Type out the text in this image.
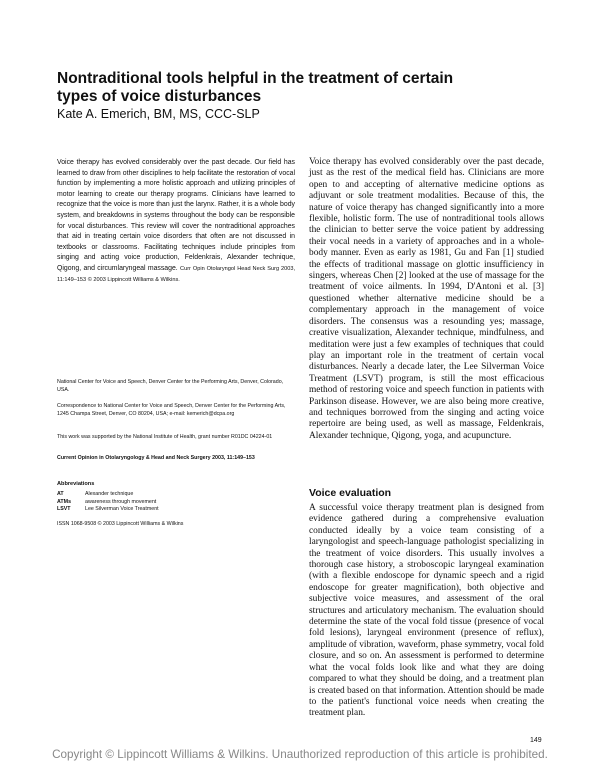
Nontraditional tools helpful in the treatment of certain types of voice disturbances
Kate A. Emerich, BM, MS, CCC-SLP
Voice therapy has evolved considerably over the past decade. Our field has learned to draw from other disciplines to help facilitate the restoration of vocal function by implementing a more holistic approach and utilizing principles of motor learning to create our therapy programs. Clinicians have learned to recognize that the voice is more than just the larynx. Rather, it is a whole body system, and breakdowns in systems throughout the body can be responsible for vocal disturbances. This review will cover the nontraditional approaches that aid in treating certain voice disorders that often are not discussed in textbooks or classrooms. Facilitating techniques include principles from singing and acting voice production, Feldenkrais, Alexander technique, Qigong, and circumlaryngeal massage. Curr Opin Otolaryngol Head Neck Surg 2003, 11:149–153 © 2003 Lippincott Williams & Wilkins.
National Center for Voice and Speech, Denver Center for the Performing Arts, Denver, Colorado, USA.
Correspondence to National Center for Voice and Speech, Denver Center for the Performing Arts, 1245 Champa Street, Denver, CO 80204, USA; e-mail: kemerich@dcpa.org
This work was supported by the National Institute of Health, grant number R01DC 04224-01
Current Opinion in Otolaryngology & Head and Neck Surgery 2003, 11:149–153
Abbreviations
AT	Alexander technique
ATMs	awareness through movement
LSVT	Lee Silverman Voice Treatment
ISSN 1068-9508 © 2003 Lippincott Williams & Wilkins

Voice therapy has evolved considerably over the past decade, just as the rest of the medical field has. Clinicians are more open to and accepting of alternative medicine options as adjuvant or sole treatment modalities. Because of this, the nature of voice therapy has changed significantly into a more flexible, holistic form. The use of nontraditional tools allows the clinician to better serve the voice patient by addressing their vocal needs in a variety of approaches and in a whole-body manner. Even as early as 1981, Gu and Fan [1] studied the effects of traditional massage on glottic insufficiency in singers, whereas Chen [2] looked at the use of massage for the treatment of voice ailments. In 1994, D'Antoni et al. [3] questioned whether alternative medicine should be a complementary approach in the management of voice disorders. The consensus was a resounding yes; massage, creative visualization, Alexander technique, mindfulness, and meditation were just a few examples of techniques that could play an important role in the treatment of certain vocal disturbances. Nearly a decade later, the Lee Silverman Voice Treatment (LSVT) program, is still the most efficacious method of restoring voice and speech function in patients with Parkinson disease. However, we are also being more creative, and techniques borrowed from the singing and acting voice repertoire are being used, as well as massage, Feldenkrais, Alexander technique, Qigong, yoga, and acupuncture.

Voice evaluation

A successful voice therapy treatment plan is designed from evidence gathered during a comprehensive evaluation conducted ideally by a voice team consisting of a laryngologist and speech-language pathologist specializing in the treatment of voice disorders. This usually involves a thorough case history, a stroboscopic laryngeal examination (with a flexible endoscope for dynamic speech and a rigid endoscope for greater magnification), both objective and subjective voice measures, and assessment of the oral structures and articulatory mechanism. The evaluation should determine the state of the vocal fold tissue (presence of vocal fold lesions), laryngeal environment (presence of reflux), amplitude of vibration, waveform, phase symmetry, vocal fold closure, and so on. An assessment is performed to determine what the vocal folds look like and what they are doing compared to what they should be doing, and a treatment plan is created based on that information. Attention should be made to the patient's functional voice needs when creating the treatment plan.

149
Copyright © Lippincott Williams & Wilkins. Unauthorized reproduction of this article is prohibited.
